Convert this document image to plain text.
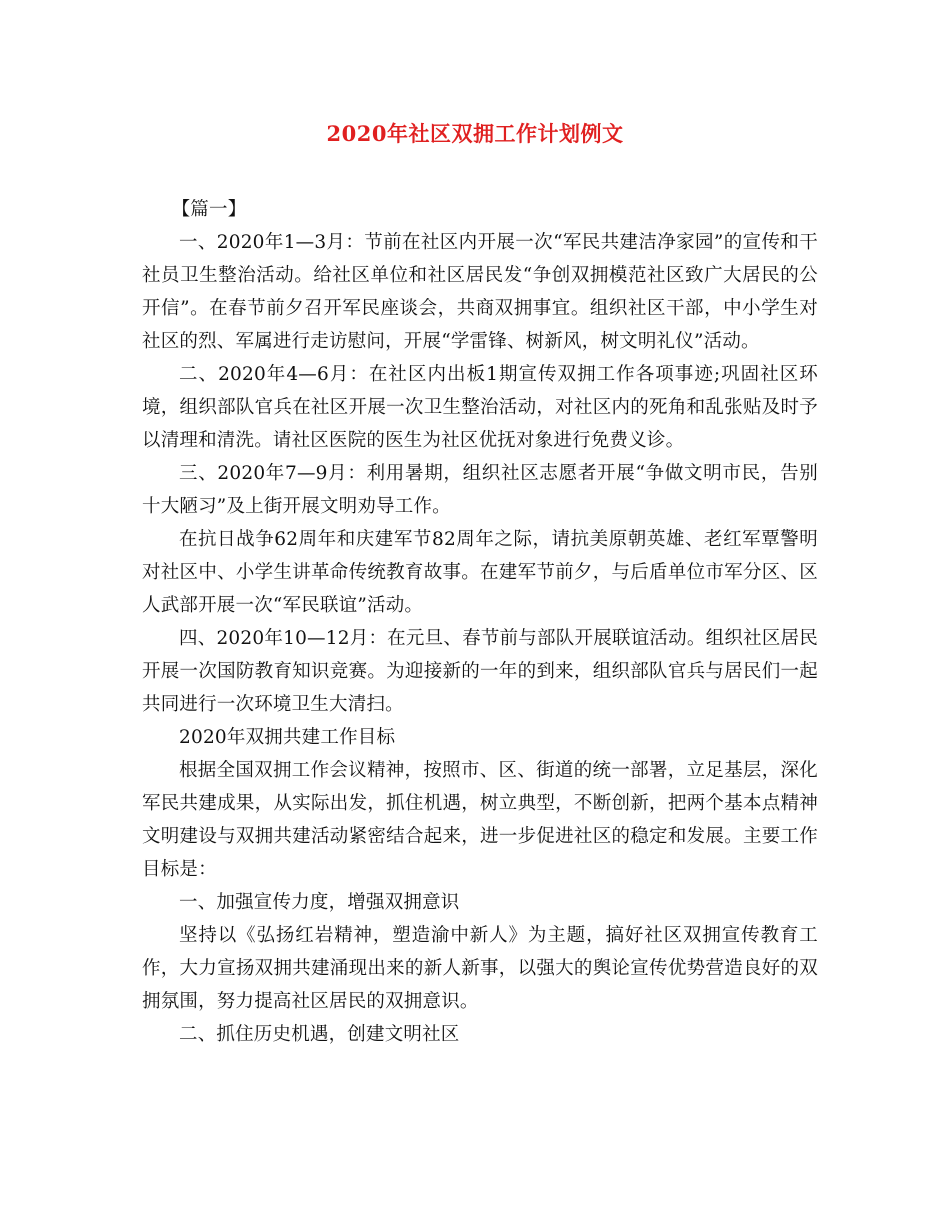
2020年社区双拥工作计划例文

【篇一】

一、2020年1—3月：节前在社区内开展一次“军民共建洁净家园”的宣传和干社员卫生整治活动。给社区单位和社区居民发“争创双拥模范社区致广大居民的公开信”。在春节前夕召开军民座谈会，共商双拥事宜。组织社区干部，中小学生对社区的烈、军属进行走访慰问，开展“学雷锋、树新风，树文明礼仪”活动。

二、2020年4—6月：在社区内出板1期宣传双拥工作各项事迹;巩固社区环境，组织部队官兵在社区开展一次卫生整治活动，对社区内的死角和乱张贴及时予以清理和清洗。请社区医院的医生为社区优抚对象进行免费义诊。

三、2020年7—9月：利用暑期，组织社区志愿者开展“争做文明市民，告别十大陋习”及上街开展文明劝导工作。

在抗日战争62周年和庆建军节82周年之际，请抗美原朝英雄、老红军覃警明对社区中、小学生讲革命传统教育故事。在建军节前夕，与后盾单位市军分区、区人武部开展一次“军民联谊”活动。

四、2020年10—12月：在元旦、春节前与部队开展联谊活动。组织社区居民开展一次国防教育知识竞赛。为迎接新的一年的到来，组织部队官兵与居民们一起共同进行一次环境卫生大清扫。

2020年双拥共建工作目标

根据全国双拥工作会议精神，按照市、区、街道的统一部署，立足基层，深化军民共建成果，从实际出发，抓住机遇，树立典型，不断创新，把两个基本点精神文明建设与双拥共建活动紧密结合起来，进一步促进社区的稳定和发展。主要工作目标是：

一、加强宣传力度，增强双拥意识

坚持以《弘扬红岩精神，塑造渝中新人》为主题，搞好社区双拥宣传教育工作，大力宣扬双拥共建涌现出来的新人新事，以强大的舆论宣传优势营造良好的双拥氛围，努力提高社区居民的双拥意识。

二、抓住历史机遇，创建文明社区
